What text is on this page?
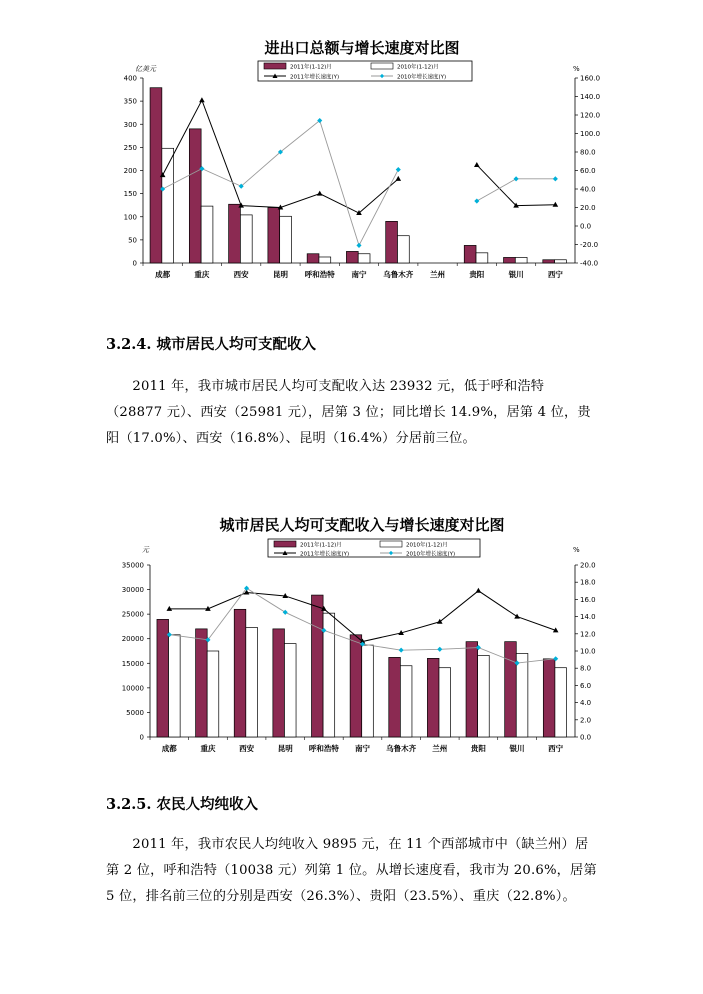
进出口总额与增长速度对比图
亿美元	%
2011年(1-12)月	2010年(1-12)月
2011年增长速度(Y)	2010年增长速度(Y)
0
50
100
150
200
250
300
350
400
-40.0
-20.0
0.0
20.0
40.0
60.0
80.0
100.0
120.0
140.0
160.0
成都	重庆	西安	昆明 呼和浩特 南宁 乌鲁木齐 兰州	贵阳	银川	西宁
3.2.4. 城市居民人均可支配收入
2011 年，我市城市居民人均可支配收入达 23932 元，低于呼和浩特（28877 元）、西安（25981 元），居第 3 位；同比增长 14.9%，居第 4 位，贵阳（17.0%）、西安（16.8%）、昆明（16.4%）分居前三位。
城市居民人均可支配收入与增长速度对比图
元	%
2011年(1-12)月	2010年(1-12)月
2011年增长速度(Y)	2010年增长速度(Y)
0
5000
10000
15000
20000
25000
30000
35000
0.0
2.0
4.0
6.0
8.0
10.0
12.0
14.0
16.0
18.0
20.0
成都	重庆	西安	昆明 呼和浩特 南宁 乌鲁木齐 兰州	贵阳	银川	西宁
3.2.5. 农民人均纯收入
2011 年，我市农民人均纯收入 9895 元，在 11 个西部城市中（缺兰州）居第 2 位，呼和浩特（10038 元）列第 1 位。从增长速度看，我市为 20.6%，居第 5 位，排名前三位的分别是西安（26.3%）、贵阳（23.5%）、重庆（22.8%）。
